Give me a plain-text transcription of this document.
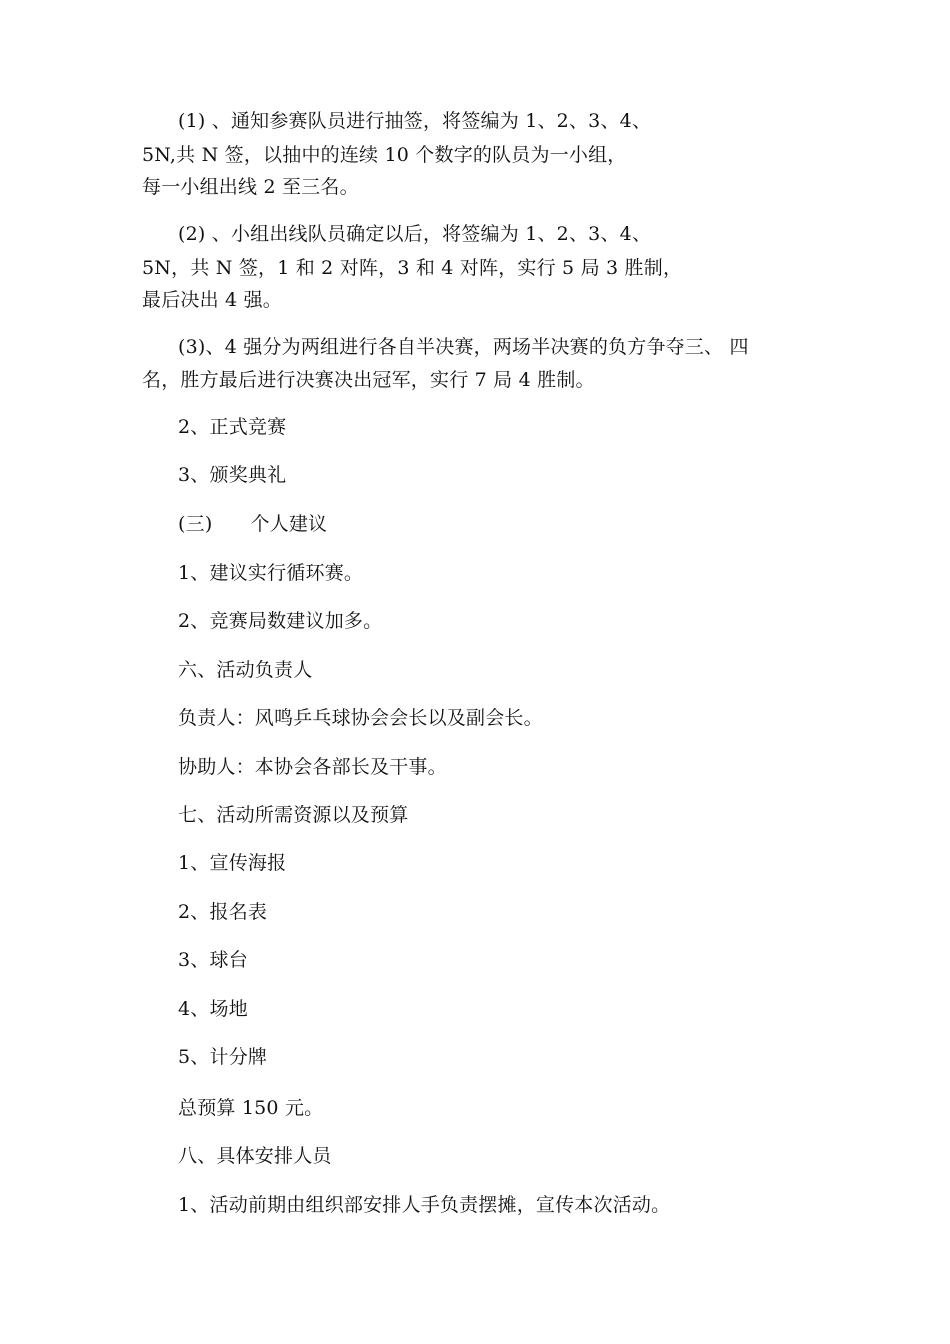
(1) 、通知参赛队员进行抽签，将签编为 1、2、3、4、
5N,共 N 签，以抽中的连续 10 个数字的队员为一小组，
每一小组出线 2 至三名。
(2) 、小组出线队员确定以后，将签编为 1、2、3、4、
5N，共 N 签，1 和 2 对阵，3 和 4 对阵，实行 5 局 3 胜制，
最后决出 4 强。
(3)、4 强分为两组进行各自半决赛，两场半决赛的负方争夺三、 四
名，胜方最后进行决赛决出冠军，实行 7 局 4 胜制。
2、正式竞赛
3、颁奖典礼
(三) 个人建议
1、建议实行循环赛。
2、竞赛局数建议加多。
六、活动负责人
负责人：风鸣乒乓球协会会长以及副会长。
协助人：本协会各部长及干事。
七、活动所需资源以及预算
1、宣传海报
2、报名表
3、球台
4、场地
5、计分牌
总预算 150 元。
八、具体安排人员
1、活动前期由组织部安排人手负责摆摊，宣传本次活动。
